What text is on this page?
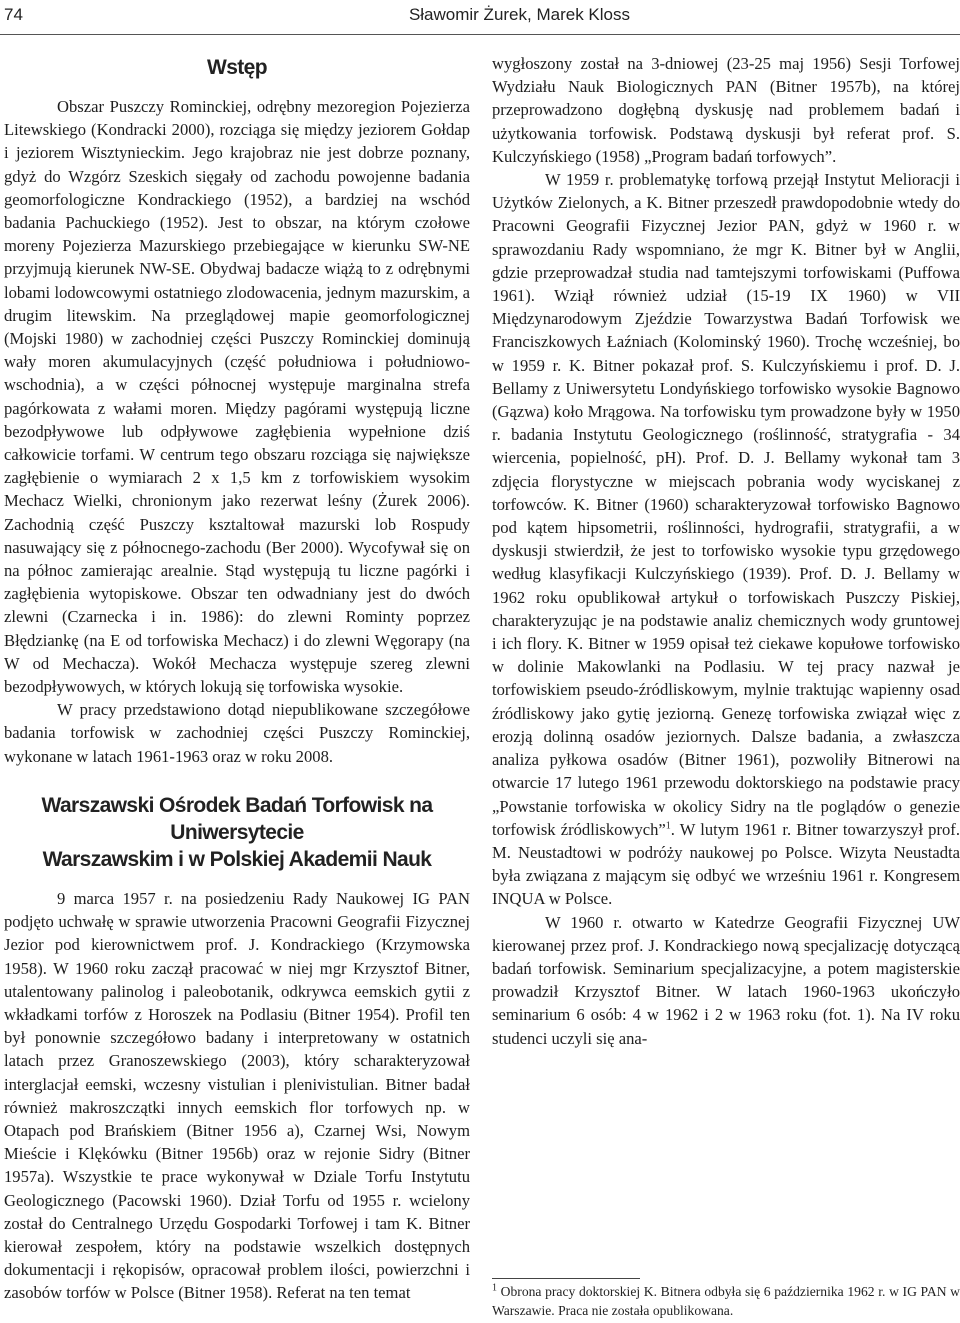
74	Sławomir Żurek, Marek Kloss
Wstęp

Obszar Puszczy Rominckiej, odrębny mezoregion Pojezierza Litewskiego (Kondracki 2000), rozciąga się między jeziorem Gołdap i jeziorem Wisztynieckim. Jego krajobraz nie jest dobrze poznany, gdyż do Wzgórz Szeskich sięgały od zachodu powojenne badania geomorfologiczne Kondrackiego (1952), a bardziej na wschód badania Pachuckiego (1952). Jest to obszar, na którym czołowe moreny Pojezierza Mazurskiego przebiegające w kierunku SW-NE przyjmują kierunek NW-SE. Obydwaj badacze wiążą to z odrębnymi lobami lodowcowymi ostatniego zlodowacenia, jednym mazurskim, a drugim litewskim. Na przeglądowej mapie geomorfologicznej (Mojski 1980) w zachodniej części Puszczy Rominckiej dominują wały moren akumulacyjnych (część południowa i południowo-wschodnia), a w części północnej występuje marginalna strefa pagórkowata z wałami moren. Między pagórami występują liczne bezodpływowe lub odpływowe zagłębienia wypełnione dziś całkowicie torfami. W centrum tego obszaru rozciąga się największe zagłębienie o wymiarach 2 x 1,5 km z torfowiskiem wysokim Mechacz Wielki, chronionym jako rezerwat leśny (Żurek 2006). Zachodnią część Puszczy ksztaltował mazurski lob Rospudy nasuwający się z północnego-zachodu (Ber 2000). Wycofywał się on na północ zamierając arealnie. Stąd występują tu liczne pagórki i zagłębienia wytopiskowe. Obszar ten odwadniany jest do dwóch zlewni (Czarnecka i in. 1986): do zlewni Rominty poprzez Błędziankę (na E od torfowiska Mechacz) i do zlewni Węgorapy (na W od Mechacza). Wokół Mechacza występuje szereg zlewni bezodpływowych, w których lokują się torfowiska wysokie.

W pracy przedstawiono dotąd niepublikowane szczegółowe badania torfowisk w zachodniej części Puszczy Rominckiej, wykonane w latach 1961-1963 oraz w roku 2008.

Warszawski Ośrodek Badań Torfowisk na Uniwersytecie
Warszawskim i w Polskiej Akademii Nauk

9 marca 1957 r. na posiedzeniu Rady Naukowej IG PAN podjęto uchwałę w sprawie utworzenia Pracowni Geografii Fizycznej Jezior pod kierownictwem prof. J. Kondrackiego (Krzymowska 1958). W 1960 roku zaczął pracować w niej mgr Krzysztof Bitner, utalentowany palinolog i paleobotanik, odkrywca eemskich gytii z wkładkami torfów z Horoszek na Podlasiu (Bitner 1954). Profil ten był ponownie szczegółowo badany i interpretowany w ostatnich latach przez Granoszewskiego (2003), który scharakteryzował interglacjał eemski, wczesny vistulian i plenivistulian. Bitner badał również makroszczątki innych eemskich flor torfowych np. w Otapach pod Brańskiem (Bitner 1956 a), Czarnej Wsi, Nowym Mieście i Klękówku (Bitner 1956b) oraz w rejonie Sidry (Bitner 1957a). Wszystkie te prace wykonywał w Dziale Torfu Instytutu Geologicznego (Pacowski 1960). Dział Torfu od 1955 r. wcielony został do Centralnego Urzędu Gospodarki Torfowej i tam K. Bitner kierował zespołem, który na podstawie wszelkich dostępnych dokumentacji i rękopisów, opracował problem ilości, powierzchni i zasobów torfów w Polsce (Bitner 1958). Referat na ten temat

wygłoszony został na 3-dniowej (23-25 maj 1956) Sesji Torfowej Wydziału Nauk Biologicznych PAN (Bitner 1957b), na której przeprowadzono dogłębną dyskusję nad problemem badań i użytkowania torfowisk. Podstawą dyskusji był referat prof. S. Kulczyńskiego (1958) „Program badań torfowych”.

W 1959 r. problematykę torfową przejął Instytut Melioracji i Użytków Zielonych, a K. Bitner przeszedł prawdopodobnie wtedy do Pracowni Geografii Fizycznej Jezior PAN, gdyż w 1960 r. w sprawozdaniu Rady wspomniano, że mgr K. Bitner był w Anglii, gdzie przeprowadzał studia nad tamtejszymi torfowiskami (Puffowa 1961). Wziął również udział (15-19 IX 1960) w VII Międzynarodowym Zjeździe Towarzystwa Badań Torfowisk we Franciszkowych Łaźniach (Kolominský 1960). Trochę wcześniej, bo w 1959 r. K. Bitner pokazał prof. S. Kulczyńskiemu i prof. D. J. Bellamy z Uniwersytetu Londyńskiego torfowisko wysokie Bagnowo (Gązwa) koło Mrągowa. Na torfowisku tym prowadzone były w 1950 r. badania Instytutu Geologicznego (roślinność, stratygrafia - 34 wiercenia, popielność, pH). Prof. D. J. Bellamy wykonał tam 3 zdjęcia florystyczne w miejscach pobrania wody wyciskanej z torfowców. K. Bitner (1960) scharakteryzował torfowisko Bagnowo pod kątem hipsometrii, roślinności, hydrografii, stratygrafii, a w dyskusji stwierdził, że jest to torfowisko wysokie typu grzędowego według klasyfikacji Kulczyńskiego (1939). Prof. D. J. Bellamy w 1962 roku opublikował artykuł o torfowiskach Puszczy Piskiej, charakteryzując je na podstawie analiz chemicznych wody gruntowej i ich flory. K. Bitner w 1959 opisał też ciekawe kopułowe torfowisko w dolinie Makowlanki na Podlasiu. W tej pracy nazwał je torfowiskiem pseudo-źródliskowym, mylnie traktując wapienny osad źródliskowy jako gytię jeziorną. Genezę torfowiska związał więc z erozją dolinną osadów jeziornych. Dalsze badania, a zwłaszcza analiza pyłkowa osadów (Bitner 1961), pozwoliły Bitnerowi na otwarcie 17 lutego 1961 przewodu doktorskiego na podstawie pracy „Powstanie torfowiska w okolicy Sidry na tle poglądów o genezie torfowisk źródliskowych”$^1$. W lutym 1961 r. Bitner towarzyszył prof. M. Neustadtowi w podróży naukowej po Polsce. Wizyta Neustadta była związana z mającym się odbyć we wrześniu 1961 r. Kongresem INQUA w Polsce.

W 1960 r. otwarto w Katedrze Geografii Fizycznej UW kierowanej przez prof. J. Kondrackiego nową specjalizację dotyczącą badań torfowisk. Seminarium specjalizacyjne, a potem magisterskie prowadził Krzysztof Bitner. W latach 1960-1963 ukończyło seminarium 6 osób: 4 w 1962 i 2 w 1963 roku (fot. 1). Na IV roku studenci uczyli się ana-

$^1$ Obrona pracy doktorskiej K. Bitnera odbyła się 6 października 1962 r. w IG PAN w Warszawie. Praca nie została opublikowana.
